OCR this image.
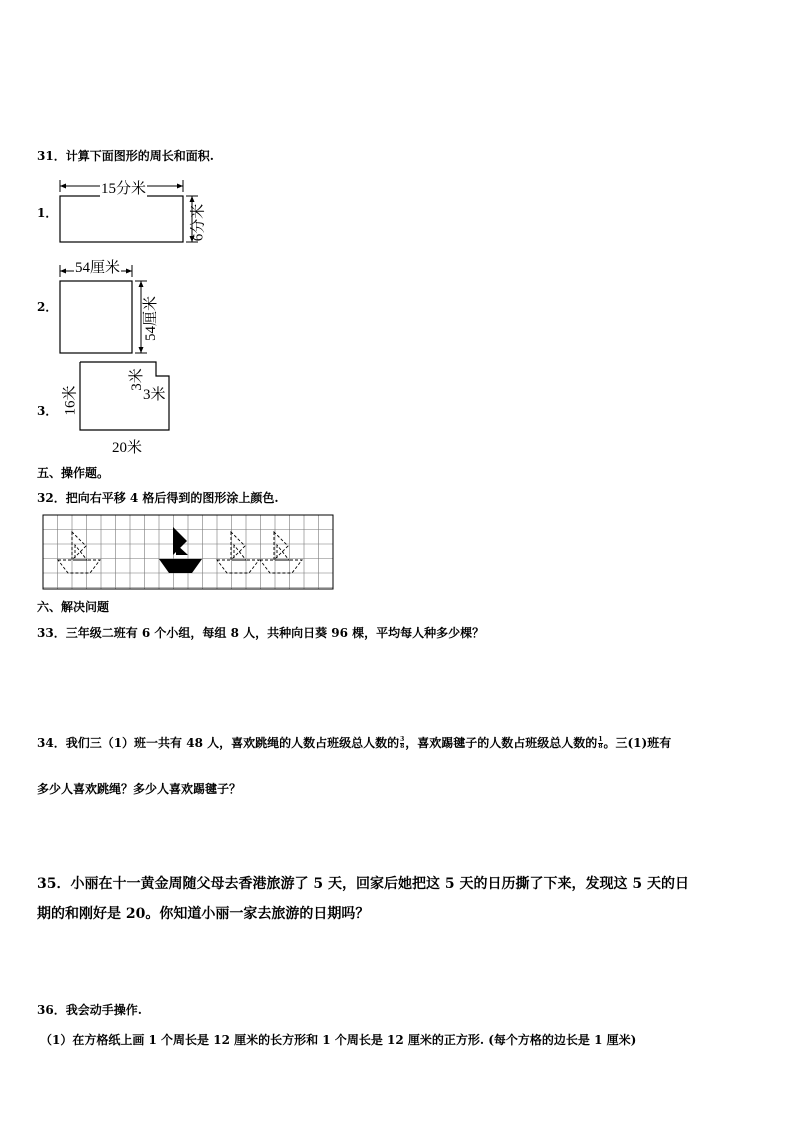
31．计算下面图形的周长和面积.
1．
15分米
6分米
2．
54厘米
54厘米
3． 16米
3米
3米
20米
五、操作题。
32．把向右平移 4 格后得到的图形涂上颜色.
六、解决问题
33．三年级二班有 6 个小组，每组 8 人，共种向日葵 96 棵，平均每人种多少棵？
34．我们三（1）班一共有 48 人，喜欢跳绳的人数占班级总人数的 $\frac{3}{8}$ ，喜欢踢毽子的人数占班级总人数的 $\frac{1}{8}$ 。三(1)班有
多少人喜欢跳绳？多少人喜欢踢毽子？
35．小丽在十一黄金周随父母去香港旅游了 5 天，回家后她把这 5 天的日历撕了下来，发现这 5 天的日
期的和刚好是 20。你知道小丽一家去旅游的日期吗？
36．我会动手操作.
（1）在方格纸上画 1 个周长是 12 厘米的长方形和 1 个周长是 12 厘米的正方形. (每个方格的边长是 1 厘米)
